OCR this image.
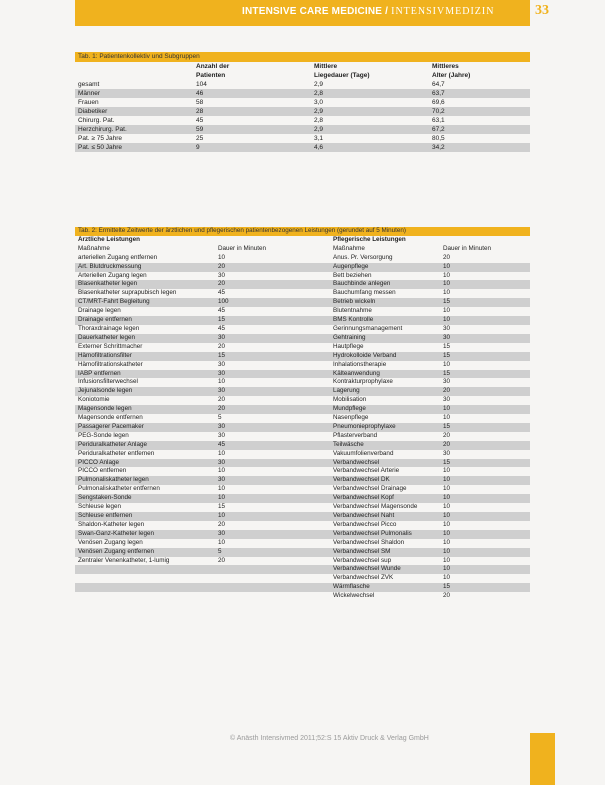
INTENSIVE CARE MEDICINE / INTENSIVMEDIZIN	33
Tab. 1: Patientenkollektiv und Subgruppen			
	Anzahl der	Mittlere	Mittleres
	Patienten	Liegedauer (Tage)	Alter (Jahre)
gesamt	104	2,9	64,7
Männer	46	2,8	63,7
Frauen	58	3,0	69,6
Diabetiker	28	2,9	70,2
Chirurg. Pat.	45	2,8	63,1
Herzchirurg. Pat.	59	2,9	67,2
Pat. ≥ 75 Jahre	25	3,1	80,5
Pat. ≤ 50 Jahre	9	4,6	34,2
Tab. 2: Ermittelte Zeitwerte der ärztlichen und pflegerischen patientenbezogenen Leistungen (gerundet auf 5 Minuten)			
Ärztliche Leistungen		Pflegerische Leistungen	
Maßnahme	Dauer in Minuten	Maßnahme	Dauer in Minuten
arteriellen Zugang entfernen	10	Anus. Pr. Versorgung	20
Art. Blutdruckmessung	20	Augenpflege	10
Arteriellen Zugang legen	30	Bett beziehen	10
Blasenkatheter legen	20	Bauchbinde anlegen	10
Blasenkatheter suprapubisch legen	45	Bauchumfang messen	10
CT/MRT-Fahrt Begleitung	100	Betrieb wickeln	15
Drainage legen	45	Blutentnahme	10
Drainage entfernen	15	BMS Kontrolle	10
Thoraxdrainage legen	45	Gerinnungsmanagement	30
Dauerkatheter legen	30	Gehtraining	30
Externer Schrittmacher	20	Hautpflege	15
Hämofiltrationsfilter	15	Hydrokolloide Verband	15
Hämofiltrationskatheter	30	Inhalationstherapie	10
IABP entfernen	30	Kälteanwendung	15
Infusionsfilterwechsel	10	Kontrakturprophylaxe	30
Jejunalsonde legen	30	Lagerung	20
Koniotomie	20	Mobilisation	30
Magensonde legen	20	Mundpflege	10
Magensonde entfernen	5	Nasenpflege	10
Passagerer Pacemaker	30	Pneumonieprophylaxe	15
PEG-Sonde legen	30	Pflasterverband	20
Periduralkatheter Anlage	45	Teilwäsche	20
Periduralkatheter entfernen	10	Vakuumfolienverband	30
PICCO Anlage	30	Verbandwechsel	15
PICCO entfernen	10	Verbandwechsel Arterie	10
Pulmonaliskatheter legen	30	Verbandwechsel DK	10
Pulmonaliskatheter entfernen	10	Verbandwechsel Drainage	10
Sengstaken-Sonde	10	Verbandwechsel Kopf	10
Schleuse legen	15	Verbandwechsel Magensonde	10
Schleuse entfernen	10	Verbandwechsel Naht	10
Shaldon-Katheter legen	20	Verbandwechsel Picco	10
Swan-Ganz-Katheter legen	30	Verbandwechsel Pulmonalis	10
Venösen Zugang legen	10	Verbandwechsel Shaldon	10
Venösen Zugang entfernen	5	Verbandwechsel SM	10
Zentraler Venenkatheter, 1-lumig	20	Verbandwechsel sup	10
		Verbandwechsel Wunde	10
		Verbandwechsel ZVK	10
		Wärmflasche	15
		Wickelwechsel	20
© Anästh Intensivmed 2011;52:S 15 Aktiv Druck & Verlag GmbH
